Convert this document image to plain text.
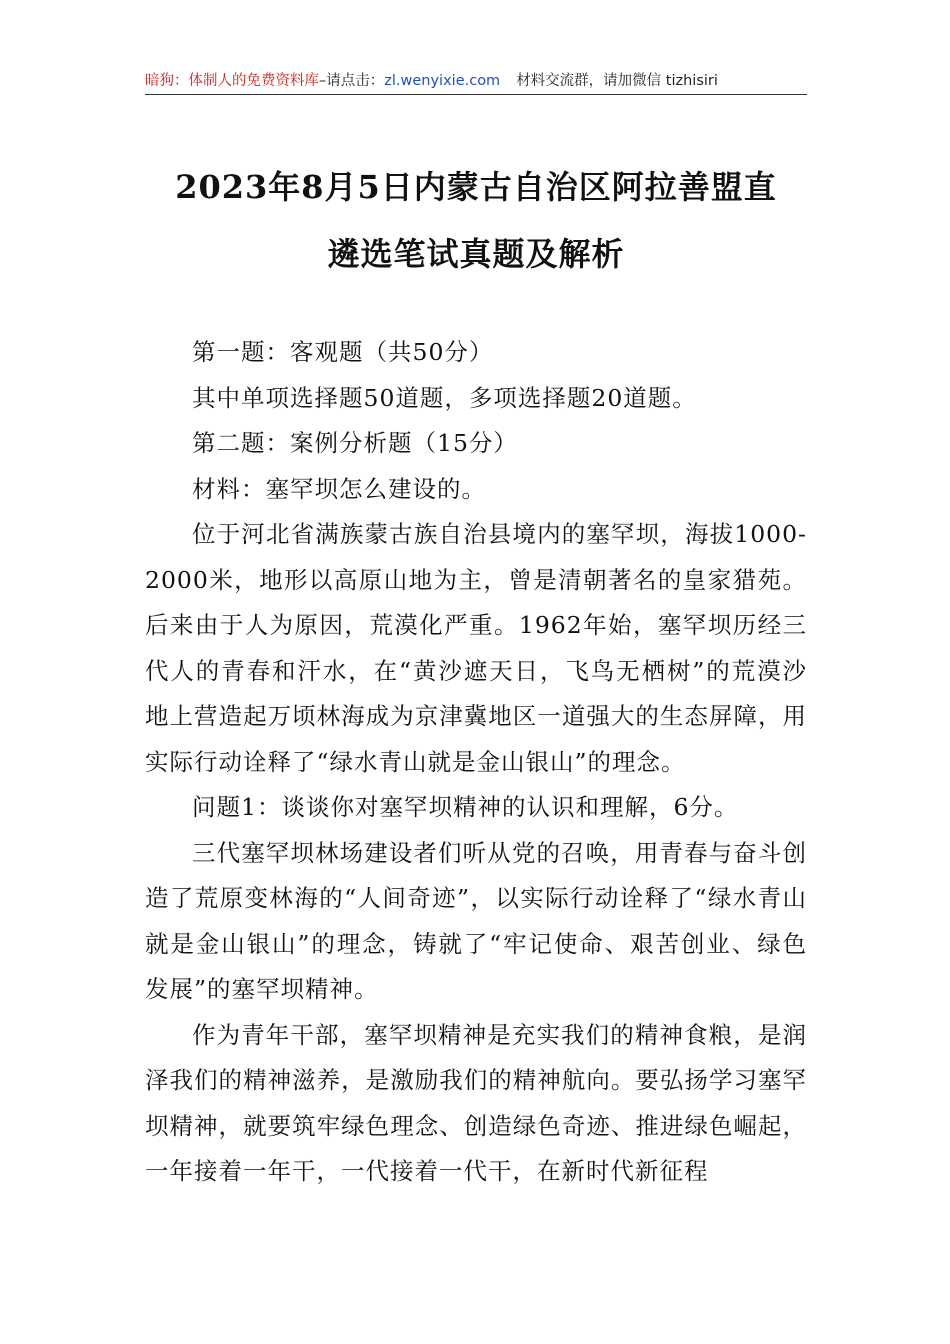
暗狗：体制人的免费资料库 –请点击： zl.wenyixie.com 材料交流群，请加微信 tizhisiri
2023年8月5日内蒙古自治区阿拉善盟直
遴选笔试真题及解析

第一题：客观题（共50分）

其中单项选择题50道题，多项选择题20道题。

第二题：案例分析题（15分）

材料：塞罕坝怎么建设的。

位于河北省满族蒙古族自治县境内的塞罕坝，海拔1000-2000米，地形以高原山地为主，曾是清朝著名的皇家猎苑。后来由于人为原因，荒漠化严重。1962年始，塞罕坝历经三代人的青春和汗水，在“黄沙遮天日，飞鸟无栖树”的荒漠沙地上营造起万顷林海成为京津冀地区一道强大的生态屏障，用实际行动诠释了“绿水青山就是金山银山”的理念。

问题1：谈谈你对塞罕坝精神的认识和理解，6分。

三代塞罕坝林场建设者们听从党的召唤，用青春与奋斗创造了荒原变林海的“人间奇迹”，以实际行动诠释了“绿水青山就是金山银山”的理念，铸就了“牢记使命、艰苦创业、绿色发展”的塞罕坝精神。

作为青年干部，塞罕坝精神是充实我们的精神食粮，是润泽我们的精神滋养，是激励我们的精神航向。要弘扬学习塞罕坝精神，就要筑牢绿色理念、创造绿色奇迹、推进绿色崛起，一年接着一年干，一代接着一代干，在新时代新征程
